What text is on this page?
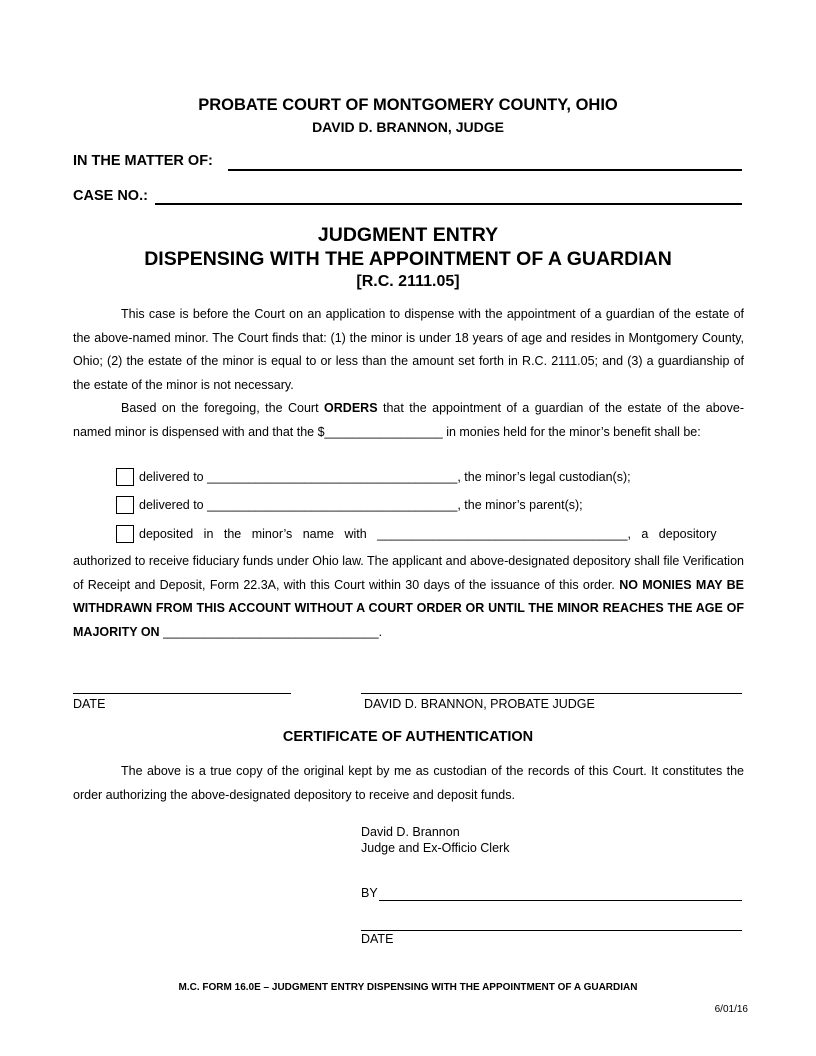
PROBATE COURT OF MONTGOMERY COUNTY, OHIO
DAVID D. BRANNON, JUDGE
IN THE MATTER OF:
CASE NO.:
JUDGMENT ENTRY
DISPENSING WITH THE APPOINTMENT OF A GUARDIAN
[R.C. 2111.05]

This case is before the Court on an application to dispense with the appointment of a guardian of the estate of the above-named minor. The Court finds that: (1) the minor is under 18 years of age and resides in Montgomery County, Ohio; (2) the estate of the minor is equal to or less than the amount set forth in R.C. 2111.05; and (3) a guardianship of the estate of the minor is not necessary.

Based on the foregoing, the Court ORDERS that the appointment of a guardian of the estate of the above-named minor is dispensed with and that the $_________________ in monies held for the minor’s benefit shall be:

delivered to ____________________________________, the minor’s legal custodian(s);
delivered to ____________________________________, the minor’s parent(s);
deposited in the minor’s name with ____________________________________, a depository

authorized to receive fiduciary funds under Ohio law. The applicant and above-designated depository shall file Verification of Receipt and Deposit, Form 22.3A, with this Court within 30 days of the issuance of this order. NO MONIES MAY BE WITHDRAWN FROM THIS ACCOUNT WITHOUT A COURT ORDER OR UNTIL THE MINOR REACHES THE AGE OF MAJORITY ON _______________________________.

DATE	DAVID D. BRANNON, PROBATE JUDGE
CERTIFICATE OF AUTHENTICATION

The above is a true copy of the original kept by me as custodian of the records of this Court. It constitutes the order authorizing the above-designated depository to receive and deposit funds.

David D. Brannon
Judge and Ex-Officio Clerk
BY
DATE
M.C. FORM 16.0E – JUDGMENT ENTRY DISPENSING WITH THE APPOINTMENT OF A GUARDIAN
6/01/16
